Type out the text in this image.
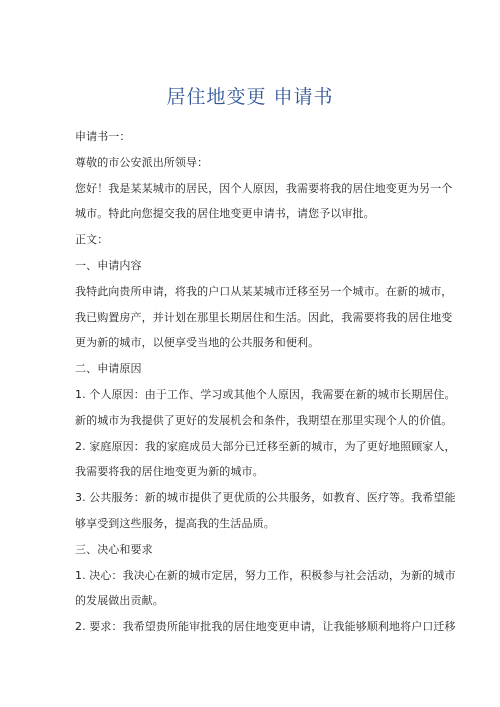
居住地变更 申请书
申请书一：
尊敬的市公安派出所领导：
您好！我是某某城市的居民，因个人原因，我需要将我的居住地变更为另一个
城市。特此向您提交我的居住地变更申请书，请您予以审批。
正文：
一、申请内容
我特此向贵所申请，将我的户口从某某城市迁移至另一个城市。在新的城市，
我已购置房产，并计划在那里长期居住和生活。因此，我需要将我的居住地变
更为新的城市，以便享受当地的公共服务和便利。
二、申请原因
1. 个人原因：由于工作、学习或其他个人原因，我需要在新的城市长期居住。
新的城市为我提供了更好的发展机会和条件，我期望在那里实现个人的价值。
2. 家庭原因：我的家庭成员大部分已迁移至新的城市，为了更好地照顾家人，
我需要将我的居住地变更为新的城市。
3. 公共服务：新的城市提供了更优质的公共服务，如教育、医疗等。我希望能
够享受到这些服务，提高我的生活品质。
三、决心和要求
1. 决心：我决心在新的城市定居，努力工作，积极参与社会活动，为新的城市
的发展做出贡献。
2. 要求：我希望贵所能审批我的居住地变更申请，让我能够顺利地将户口迁移
